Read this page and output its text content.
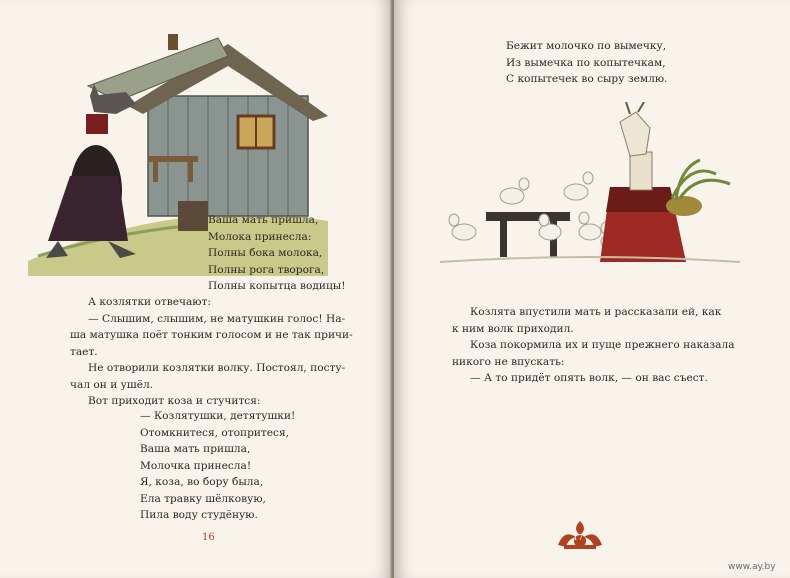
Ваша мать пришла,
Молока принесла:
Полны бока молока,
Полны рога творога,
Полны копытца водицы!

А козлятки отвечают:

— Слышим, слышим, не матушкин голос! На-

ша матушка поёт тонким голосом и не так причи-

тает.

Не отворили козлятки волку. Постоял, посту-

чал он и ушёл.

Вот приходит коза и стучится:

— Козлятушки, детятушки!
Отомкнитеся, отопритеся,
Ваша мать пришла,
Молочка принесла!
Я, коза, во бору была,
Ела травку шёлковую,
Пила воду студёную.
16
Бежит молочко по вымечку,
Из вымечка по копытечкам,
С копытечек во сыру землю.

Козлята впустили мать и рассказали ей, как

к ним волк приходил.

Коза покормила их и пуще прежнего наказала

никого не впускать:

— А то придёт опять волк, — он вас съест.

17
www.ay.by
